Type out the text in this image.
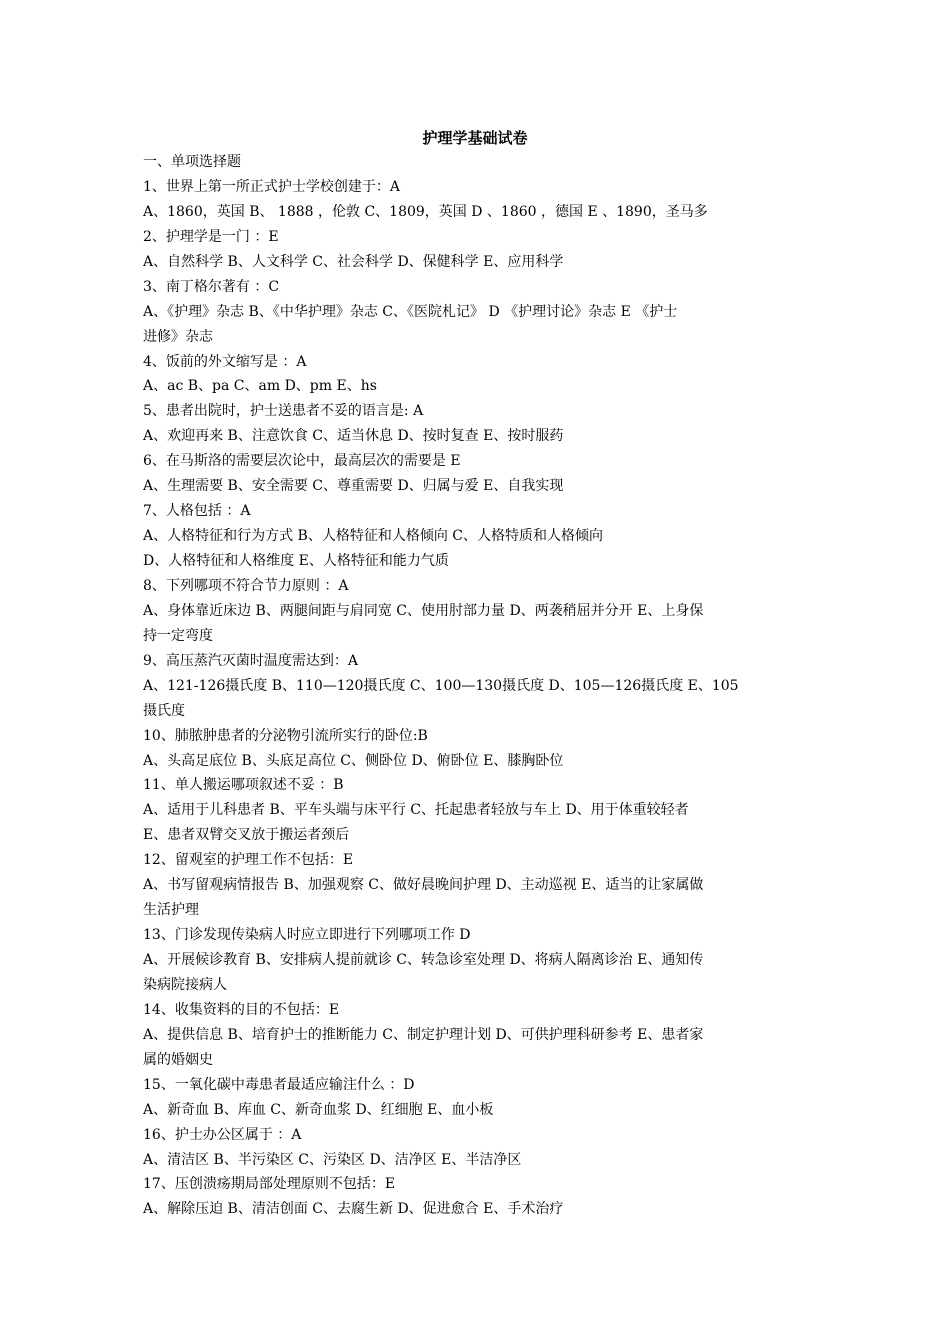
护理学基础试卷
一、单项选择题
1、世界上第一所正式护士学校创建于：A
A、1860，英国 B、 1888 ，伦敦 C、1809，英国 D 、1860 ，德国 E 、1890，圣马多
2、护理学是一门 ：E
A、自然科学 B、人文科学 C、社会科学 D、保健科学 E、应用科学
3、南丁格尔著有 ：C
A、《护理》杂志 B、《中华护理》杂志 C、《医院札记》 D 《护理讨论》杂志 E 《护士
进修》杂志
4、饭前的外文缩写是 ：A
A、ac B、pa C、am D、pm E、hs
5、患者出院时，护士送患者不妥的语言是: A
A、欢迎再来 B、注意饮食 C、适当休息 D、按时复查 E、按时服药
6、在马斯洛的需要层次论中，最高层次的需要是 E
A、生理需要 B、安全需要 C、尊重需要 D、归属与爱 E、自我实现
7、人格包括 ：A
A、人格特征和行为方式 B、人格特征和人格倾向 C、人格特质和人格倾向
D、人格特征和人格维度 E、人格特征和能力气质
8、下列哪项不符合节力原则 ：A
A、身体靠近床边 B、两腿间距与肩同宽 C、使用肘部力量 D、两袭稍屈并分开 E、上身保
持一定弯度
9、高压蒸汽灭菌时温度需达到：A
A、121-126摄氏度 B、110—120摄氏度 C、100—130摄氏度 D、105—126摄氏度 E、105
摄氏度
10、肺脓肿患者的分泌物引流所实行的卧位:B
A、头高足底位 B、头底足高位 C、侧卧位 D、俯卧位 E、膝胸卧位
11、单人搬运哪项叙述不妥 ：B
A、适用于儿科患者 B、平车头端与床平行 C、托起患者轻放与车上 D、用于体重较轻者
E、患者双臂交叉放于搬运者颈后
12、留观室的护理工作不包括：E
A、书写留观病情报告 B、加强观察 C、做好晨晚间护理 D、主动巡视 E、适当的让家属做
生活护理
13、门诊发现传染病人时应立即进行下列哪项工作 D
A、开展候诊教育 B、安排病人提前就诊 C、转急诊室处理 D、将病人隔离诊治 E、通知传
染病院接病人
14、收集资料的目的不包括：E
A、提供信息 B、培育护士的推断能力 C、制定护理计划 D、可供护理科研参考 E、患者家
属的婚姻史
15、一氧化碳中毒患者最适应输注什么 ：D
A、新奇血 B、库血 C、新奇血浆 D、红细胞 E、血小板
16、护士办公区属于 ：A
A、清洁区 B、半污染区 C、污染区 D、洁净区 E、半洁净区
17、压创溃疡期局部处理原则不包括：E
A、解除压迫 B、清洁创面 C、去腐生新 D、促进愈合 E、手术治疗
